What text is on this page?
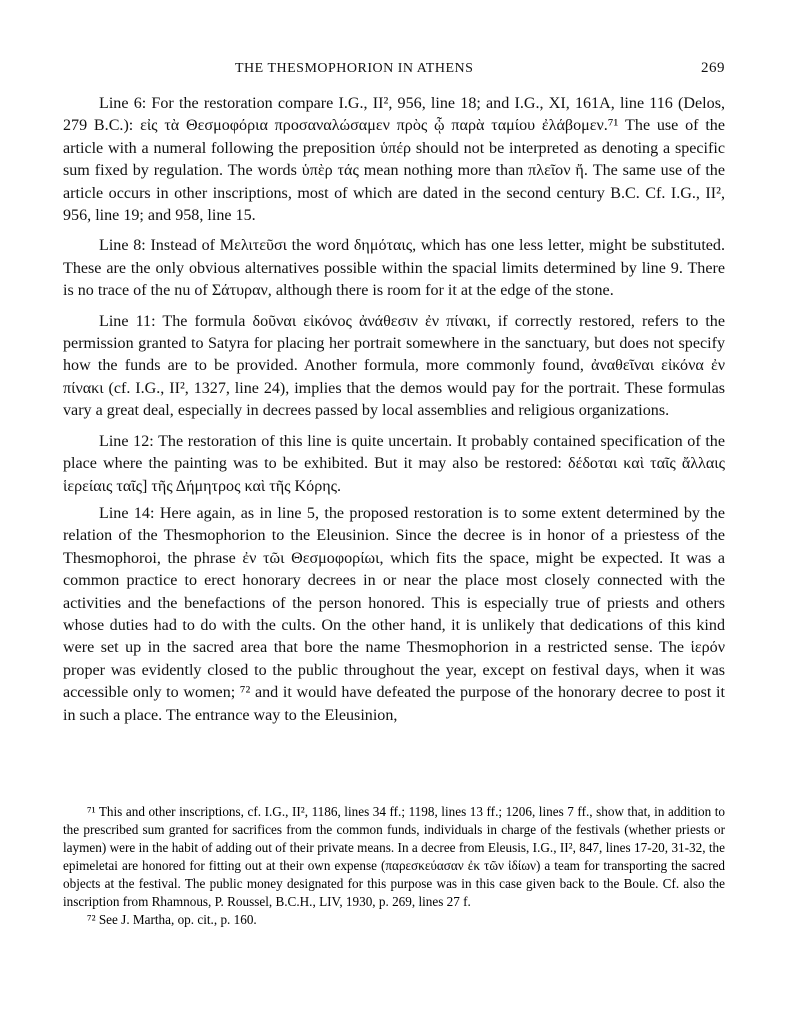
THE THESMOPHORION IN ATHENS	269

Line 6: For the restoration compare I.G., II², 956, line 18; and I.G., XI, 161A, line 116 (Delos, 279 B.C.): εἰς τὰ Θεσμοφόρια προσαναλώσαμεν πρὸς ᾧ παρὰ ταμίου ἐλάβομεν.⁷¹ The use of the article with a numeral following the preposition ὑπέρ should not be interpreted as denoting a specific sum fixed by regulation. The words ὑπὲρ τάς mean nothing more than πλεῖον ἤ. The same use of the article occurs in other inscriptions, most of which are dated in the second century B.C. Cf. I.G., II², 956, line 19; and 958, line 15.

Line 8: Instead of Μελιτεῦσι the word δημόταις, which has one less letter, might be substituted. These are the only obvious alternatives possible within the spacial limits determined by line 9. There is no trace of the nu of Σάτυραν, although there is room for it at the edge of the stone.

Line 11: The formula δοῦναι εἰκόνος ἀνάθεσιν ἐν πίνακι, if correctly restored, refers to the permission granted to Satyra for placing her portrait somewhere in the sanctuary, but does not specify how the funds are to be provided. Another formula, more commonly found, ἀναθεῖναι εἰκόνα ἐν πίνακι (cf. I.G., II², 1327, line 24), implies that the demos would pay for the portrait. These formulas vary a great deal, especially in decrees passed by local assemblies and religious organizations.

Line 12: The restoration of this line is quite uncertain. It probably contained specification of the place where the painting was to be exhibited. But it may also be restored: δέδοται καὶ ταῖς ἄλλαις ἱερείαις ταῖς] τῆς Δήμητρος καὶ τῆς Κόρης.

Line 14: Here again, as in line 5, the proposed restoration is to some extent determined by the relation of the Thesmophorion to the Eleusinion. Since the decree is in honor of a priestess of the Thesmophoroi, the phrase ἐν τῶι Θεσμοφορίωι, which fits the space, might be expected. It was a common practice to erect honorary decrees in or near the place most closely connected with the activities and the benefactions of the person honored. This is especially true of priests and others whose duties had to do with the cults. On the other hand, it is unlikely that dedications of this kind were set up in the sacred area that bore the name Thesmophorion in a restricted sense. The ἱερόν proper was evidently closed to the public throughout the year, except on festival days, when it was accessible only to women; ⁷² and it would have defeated the purpose of the honorary decree to post it in such a place. The entrance way to the Eleusinion,

⁷¹ This and other inscriptions, cf. I.G., II², 1186, lines 34 ff.; 1198, lines 13 ff.; 1206, lines 7 ff., show that, in addition to the prescribed sum granted for sacrifices from the common funds, individuals in charge of the festivals (whether priests or laymen) were in the habit of adding out of their private means. In a decree from Eleusis, I.G., II², 847, lines 17-20, 31-32, the epimeletai are honored for fitting out at their own expense (παρεσκεύασαν ἐκ τῶν ἰδίων) a team for transporting the sacred objects at the festival. The public money designated for this purpose was in this case given back to the Boule. Cf. also the inscription from Rhamnous, P. Roussel, B.C.H., LIV, 1930, p. 269, lines 27 f.

⁷² See J. Martha, op. cit., p. 160.
